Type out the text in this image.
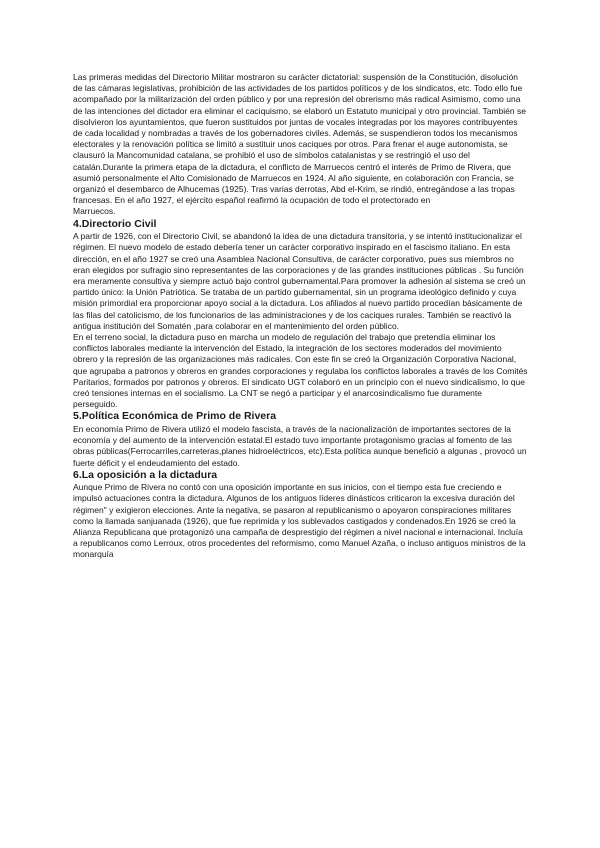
Las primeras medidas del Directorio Militar mostraron su carácter dictatorial: suspensión de la Constitución, disolución de las cámaras legislativas, prohibición de las actividades de los partidos políticos y de los sindicatos, etc. Todo ello fue acompañado por la militarización del orden público y por una represión del obrerismo más radical Asimismo, como una de las intenciones del dictador era eliminar el caciquismo, se elaboró un Estatuto municipal y otro provincial. También se disolvieron los ayuntamientos, que fueron sustituidos por juntas de vocales integradas por los mayores contribuyentes de cada localidad y nombradas a través de los gobernadores civiles. Además, se suspendieron todos los mecanismos electorales y la renovación política se limitó a sustituir unos caciques por otros. Para frenar el auge autonomista, se clausuró la Mancomunidad catalana, se prohibió el uso de símbolos catalanistas y se restringió el uso del catalán.Durante la primera etapa de la dictadura, el conflicto de Marruecos centró el interés de Primo de Rivera, que asumió personalmente el Alto Comisionado de Marruecos en 1924. Al año siguiente, en colaboración con Francia, se organizó el desembarco de Alhucemas (1925). Tras varias derrotas, Abd el-Krim, se rindió, entregándose a las tropas francesas. En el año 1927, el ejército español reafirmó la ocupación de todo el protectorado en

Marruecos.

4.Directorio Civil

A partir de 1926, con el Directorio Civil, se abandonó la idea de una dictadura transitoria, y se intentó institucionalizar el régimen. El nuevo modelo de estado debería tener un carácter corporativo inspirado en el fascismo italiano. En esta dirección, en el año 1927 se creó una Asamblea Nacional Consultiva, de carácter corporativo, pues sus miembros no eran elegidos por sufragio sino representantes de las corporaciones y de las grandes instituciones públicas . Su función era meramente consultiva y siempre actuó bajo control gubernamental.Para promover la adhesión al sistema se creó un partido único: la Unión Patriótica. Se trataba de un partido gubernamental, sin un programa ideológico definido y cuya misión primordial era proporcionar apoyo social a la dictadura. Los afiliados al nuevo partido procedían básicamente de las filas del catolicismo, de los funcionarios de las administraciones y de los caciques rurales. También se reactivó la antigua institución del Somatén ,para colaborar en el mantenimiento del orden público.

En el terreno social, la dictadura puso en marcha un modelo de regulación del trabajo que pretendía eliminar los conflictos laborales mediante la intervención del Estado, la integración de los sectores moderados del movimiento obrero y la represión de las organizaciones más radicales. Con este fin se creó la Organización Corporativa Nacional, que agrupaba a patronos y obreros en grandes corporaciones y regulaba los conflictos laborales a través de los Comités Paritarios, formados por patronos y obreros. El sindicato UGT colaboró en un principio con el nuevo sindicalismo, lo que creó tensiones internas en el socialismo. La CNT se negó a participar y el anarcosindicalismo fue duramente perseguido.

5.Política Económica de Primo de Rivera

En economía Primo de Rivera utilizó el modelo fascista, a través de la nacionalización de importantes sectores de la economía y del aumento de la intervención estatal.El estado tuvo importante protagonismo gracias al fomento de las obras públicas(Ferrocarriles,carreteras,planes hidroeléctricos, etc).Esta política aunque benefició a algunas , provocó un fuerte déficit y el endeudamiento del estado.

6.La oposición a la dictadura

Aunque Primo de Rivera no contó con una oposición importante en sus inicios, con el tiempo esta fue creciendo e impulsó actuaciones contra la dictadura. Algunos de los antiguos líderes dinásticos criticaron la excesiva duración del régimen" y exigieron elecciones. Ante la negativa, se pasaron al republicanismo o apoyaron conspiraciones militares como la llamada sanjuanada (1926), que fue reprimida y los sublevados castigados y condenados.En 1926 se creó la Alianza Republicana que protagonizó una campaña de desprestigio del régimen a nivel nacional e internacional. Incluía a republicanos como Lerroux, otros procedentes del reformismo, como Manuel Azaña, o incluso antiguos ministros de la monarquía
